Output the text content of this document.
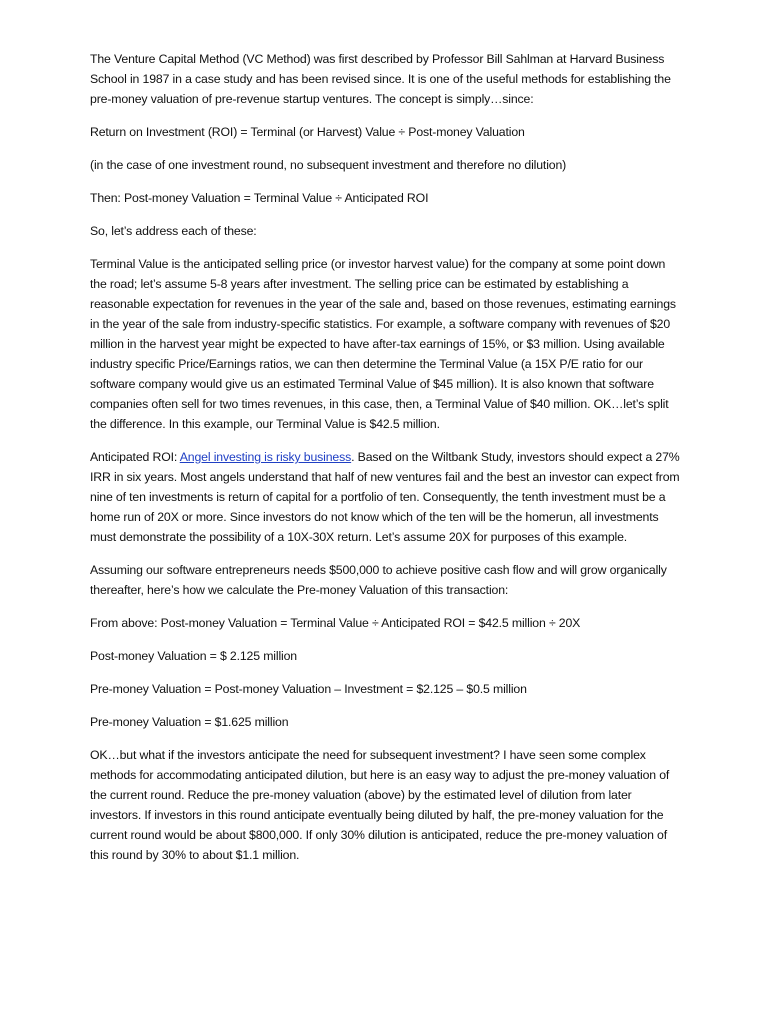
The Venture Capital Method (VC Method) was first described by Professor Bill Sahlman at Harvard Business School in 1987 in a case study and has been revised since. It is one of the useful methods for establishing the pre-money valuation of pre-revenue startup ventures. The concept is simply…since:

Return on Investment (ROI) = Terminal (or Harvest) Value ÷ Post-money Valuation

(in the case of one investment round, no subsequent investment and therefore no dilution)

Then: Post-money Valuation = Terminal Value ÷ Anticipated ROI

So, let’s address each of these:

Terminal Value is the anticipated selling price (or investor harvest value) for the company at some point down the road; let’s assume 5-8 years after investment. The selling price can be estimated by establishing a reasonable expectation for revenues in the year of the sale and, based on those revenues, estimating earnings in the year of the sale from industry-specific statistics. For example, a software company with revenues of $20 million in the harvest year might be expected to have after-tax earnings of 15%, or $3 million. Using available industry specific Price/Earnings ratios, we can then determine the Terminal Value (a 15X P/E ratio for our software company would give us an estimated Terminal Value of $45 million). It is also known that software companies often sell for two times revenues, in this case, then, a Terminal Value of $40 million. OK…let’s split the difference. In this example, our Terminal Value is $42.5 million.

Anticipated ROI: Angel investing is risky business. Based on the Wiltbank Study, investors should expect a 27% IRR in six years. Most angels understand that half of new ventures fail and the best an investor can expect from nine of ten investments is return of capital for a portfolio of ten. Consequently, the tenth investment must be a home run of 20X or more. Since investors do not know which of the ten will be the homerun, all investments must demonstrate the possibility of a 10X-30X return. Let’s assume 20X for purposes of this example.

Assuming our software entrepreneurs needs $500,000 to achieve positive cash flow and will grow organically thereafter, here’s how we calculate the Pre-money Valuation of this transaction:

From above: Post-money Valuation = Terminal Value ÷ Anticipated ROI = $42.5 million ÷ 20X

Post-money Valuation = $ 2.125 million

Pre-money Valuation = Post-money Valuation – Investment = $2.125 – $0.5 million

Pre-money Valuation = $1.625 million

OK…but what if the investors anticipate the need for subsequent investment? I have seen some complex methods for accommodating anticipated dilution, but here is an easy way to adjust the pre-money valuation of the current round. Reduce the pre-money valuation (above) by the estimated level of dilution from later investors. If investors in this round anticipate eventually being diluted by half, the pre-money valuation for the current round would be about $800,000. If only 30% dilution is anticipated, reduce the pre-money valuation of this round by 30% to about $1.1 million.
